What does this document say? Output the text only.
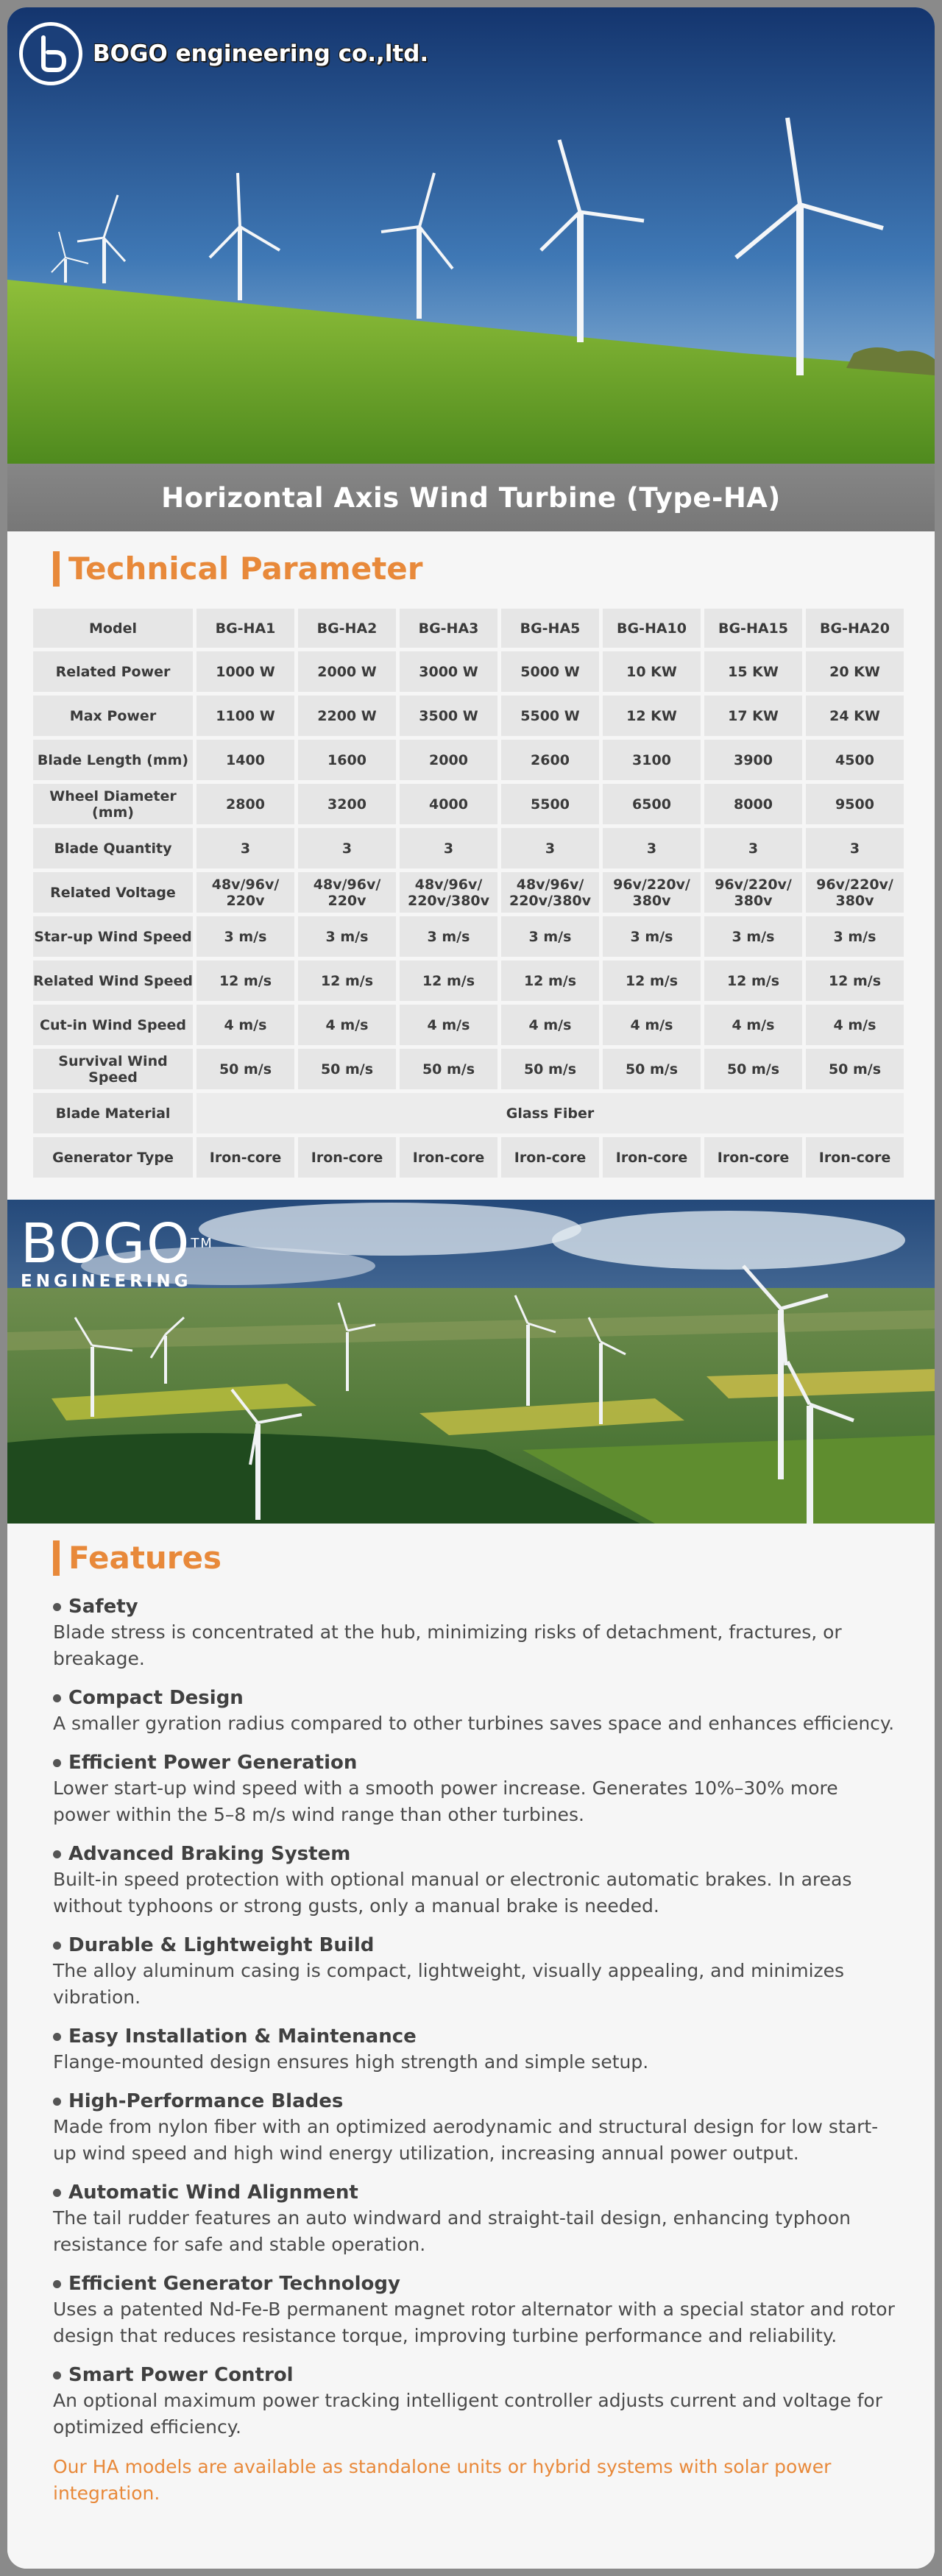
BOGO engineering co.,ltd.
Horizontal Axis Wind Turbine (Type-HA)
Technical Parameter
Model	BG-HA1	BG-HA2	BG-HA3	BG-HA5	BG-HA10	BG-HA15	BG-HA20
Related Power	1000 W	2000 W	3000 W	5000 W	10 KW	15 KW	20 KW
Max Power	1100 W	2200 W	3500 W	5500 W	12 KW	17 KW	24 KW
Blade Length (mm)	1400	1600	2000	2600	3100	3900	4500
Wheel Diameter (mm)	2800	3200	4000	5500	6500	8000	9500
Blade Quantity	3	3	3	3	3	3	3
Related Voltage	48v/96v/ 220v	48v/96v/ 220v	48v/96v/ 220v/380v	48v/96v/ 220v/380v	96v/220v/ 380v	96v/220v/ 380v	96v/220v/ 380v
Star-up Wind Speed	3 m/s	3 m/s	3 m/s	3 m/s	3 m/s	3 m/s	3 m/s
Related Wind Speed	12 m/s	12 m/s	12 m/s	12 m/s	12 m/s	12 m/s	12 m/s
Cut-in Wind Speed	4 m/s	4 m/s	4 m/s	4 m/s	4 m/s	4 m/s	4 m/s
Survival Wind Speed	50 m/s	50 m/s	50 m/s	50 m/s	50 m/s	50 m/s	50 m/s
Blade Material	Glass Fiber						
Generator Type	Iron-core	Iron-core	Iron-core	Iron-core	Iron-core	Iron-core	Iron-core
BOGO™
ENGINEERING
Features
Safety
Blade stress is concentrated at the hub, minimizing risks of detachment, fractures, or breakage.
Compact Design
A smaller gyration radius compared to other turbines saves space and enhances efficiency.
Efficient Power Generation
Lower start-up wind speed with a smooth power increase. Generates 10%–30% more power within the 5–8 m/s wind range than other turbines.
Advanced Braking System
Built-in speed protection with optional manual or electronic automatic brakes. In areas without typhoons or strong gusts, only a manual brake is needed.
Durable & Lightweight Build
The alloy aluminum casing is compact, lightweight, visually appealing, and minimizes vibration.
Easy Installation & Maintenance
Flange-mounted design ensures high strength and simple setup.
High-Performance Blades
Made from nylon fiber with an optimized aerodynamic and structural design for low start-up wind speed and high wind energy utilization, increasing annual power output.
Automatic Wind Alignment
The tail rudder features an auto windward and straight-tail design, enhancing typhoon resistance for safe and stable operation.
Efficient Generator Technology
Uses a patented Nd-Fe-B permanent magnet rotor alternator with a special stator and rotor design that reduces resistance torque, improving turbine performance and reliability.
Smart Power Control
An optional maximum power tracking intelligent controller adjusts current and voltage for optimized efficiency.
Our HA models are available as standalone units or hybrid systems with solar power integration.
